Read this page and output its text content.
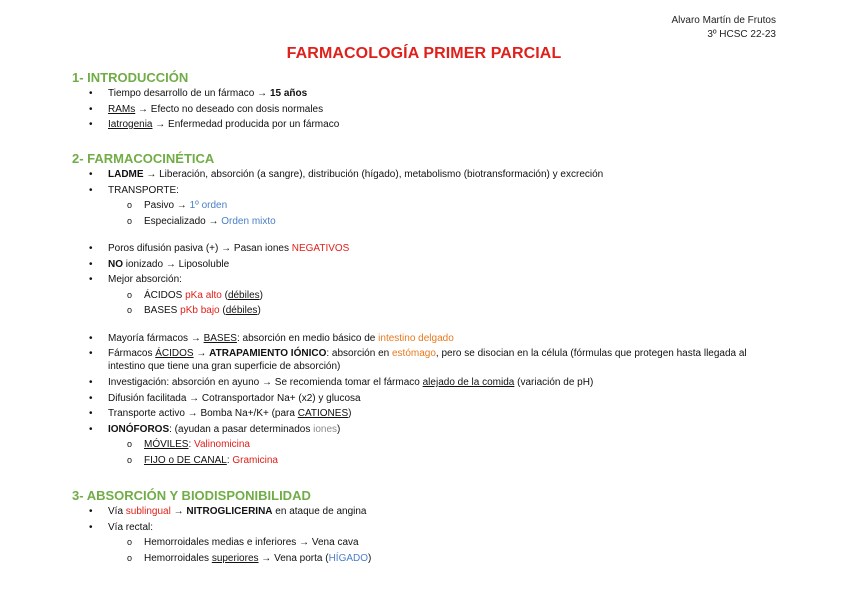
Alvaro Martín de Frutos
3º HCSC 22-23
FARMACOLOGÍA PRIMER PARCIAL
1- INTRODUCCIÓN
• Tiempo desarrollo de un fármaco → 15 años
• RAMs → Efecto no deseado con dosis normales
• Iatrogenia → Enfermedad producida por un fármaco
2- FARMACOCINÉTICA
• LADME → Liberación, absorción (a sangre), distribución (hígado), metabolismo (biotransformación) y excreción
• TRANSPORTE:
o Pasivo → 1º orden
o Especializado → Orden mixto
• Poros difusión pasiva (+) → Pasan iones NEGATIVOS
• NO ionizado → Liposoluble
• Mejor absorción:
o ÁCIDOS pKa alto (débiles)
o BASES pKb bajo (débiles)
• Mayoría fármacos → BASES: absorción en medio básico de intestino delgado
• Fármacos ÁCIDOS → ATRAPAMIENTO IÓNICO: absorción en estómago, pero se disocian en la célula (fórmulas que protegen hasta llegada al intestino que tiene una gran superficie de absorción)
• Investigación: absorción en ayuno → Se recomienda tomar el fármaco alejado de la comida (variación de pH)
• Difusión facilitada → Cotransportador Na+ (x2) y glucosa
• Transporte activo → Bomba Na+/K+ (para CATIONES)
• IONÓFOROS: (ayudan a pasar determinados iones)
o MÓVILES: Valinomicina
o FIJO o DE CANAL: Gramicina
3- ABSORCIÓN Y BIODISPONIBILIDAD
• Vía sublingual → NITROGLICERINA en ataque de angina
• Vía rectal:
o Hemorroidales medias e inferiores → Vena cava
o Hemorroidales superiores → Vena porta (HÍGADO)
